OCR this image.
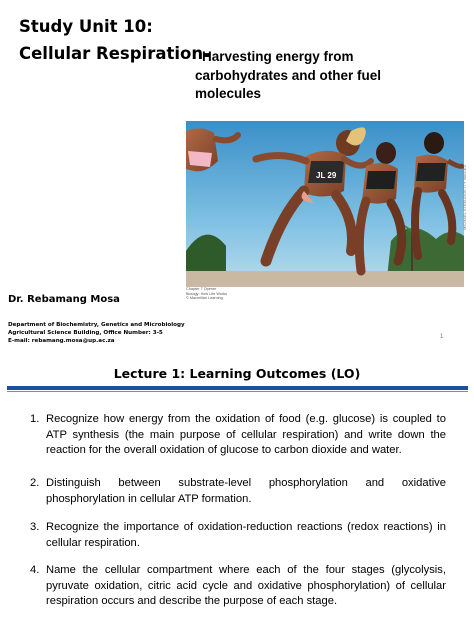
Study Unit 10:
Cellular Respiration-
Harvesting energy from
carbohydrates and other fuel molecules
JL 29
Chapter 7 Opener
Biology: How Life Works
© Macmillan Learning
MICHAEL STEELE/GETTY IMAGES
Dr. Rebamang Mosa
Department of Biochemistry, Genetics and Microbiology
Agricultural Science Building, Office Number: 3-5
E-mail: rebamang.mosa@up.ac.za
1
Lecture 1: Learning Outcomes (LO)
1. Recognize how energy from the oxidation of food (e.g. glucose) is coupled to ATP synthesis (the main purpose of cellular respiration) and write down the reaction for the overall oxidation of glucose to carbon dioxide and water.
2. Distinguish between substrate-level phosphorylation and oxidative phosphorylation in cellular ATP formation.
3. Recognize the importance of oxidation-reduction reactions (redox reactions) in cellular respiration.
4. Name the cellular compartment where each of the four stages (glycolysis, pyruvate oxidation, citric acid cycle and oxidative phosphorylation) of cellular respiration occurs and describe the purpose of each stage.
